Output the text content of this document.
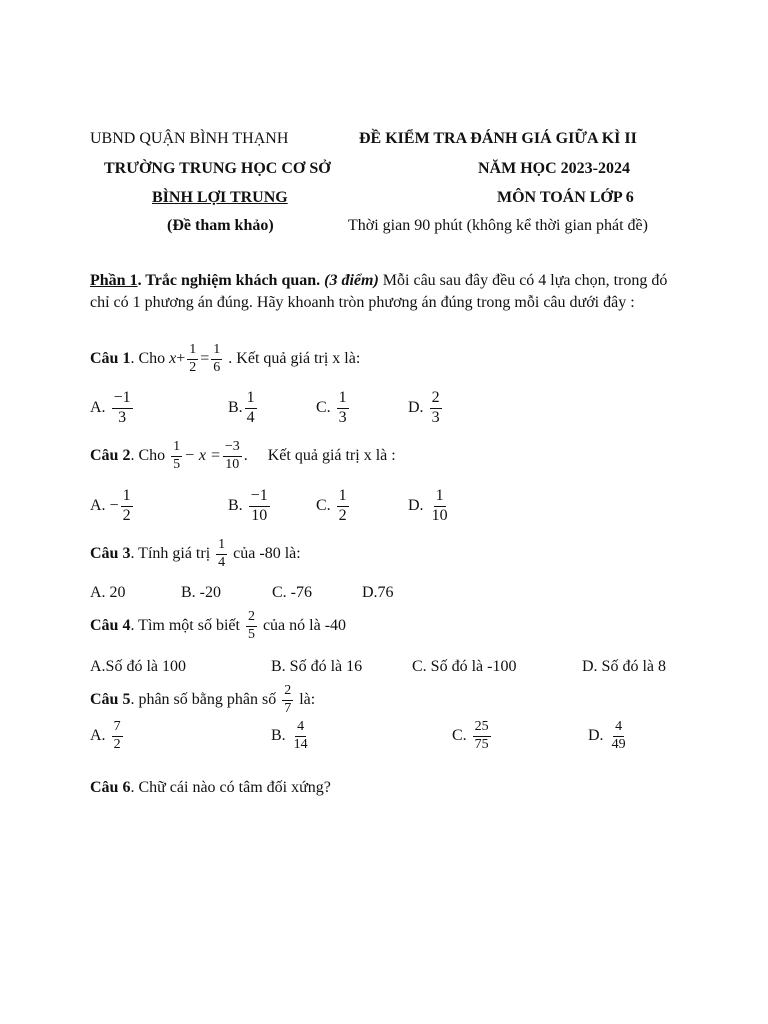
UBND QUẬN BÌNH THẠNH
TRƯỜNG TRUNG HỌC CƠ SỞ
BÌNH LỢI TRUNG
(Đề tham khảo)
ĐỀ KIỂM TRA ĐÁNH GIÁ GIỮA KÌ II
NĂM HỌC 2023-2024
MÔN TOÁN LỚP 6
Thời gian 90 phút (không kể thời gian phát đề)
Phần 1. Trắc nghiệm khách quan. (3 điểm) Mỗi câu sau đây đều có 4 lựa chọn, trong đó chỉ có 1 phương án đúng. Hãy khoanh tròn phương án đúng trong mỗi câu dưới đây :
Câu 1. Cho $x+ \frac{1}{2} = \frac{1}{6}$ . Kết quả giá trị x là:
A. $\frac{-1}{3}$	B. $\frac{1}{4}$	C. $\frac{1}{3}$	D. $\frac{2}{3}$
Câu 2. Cho $\frac{1}{5} - x = \frac{-3}{10}$ . Kết quả giá trị x là :
A. − $\frac{1}{2}$	B. $\frac{-1}{10}$	C. $\frac{1}{2}$	D. $\frac{1}{10}$
Câu 3. Tính giá trị $\frac{1}{4}$ của -80 là:
A. 20	B. -20	C. -76	D.76
Câu 4. Tìm một số biết $\frac{2}{5}$ của nó là -40
A.Số đó là 100	B. Số đó là 16	C. Số đó là -100	D. Số đó là 8
Câu 5. phân số bằng phân số $\frac{2}{7}$ là:
A. $\frac{7}{2}$	B. $\frac{4}{14}$	C. $\frac{25}{75}$	D. $\frac{4}{49}$
Câu 6. Chữ cái nào có tâm đối xứng?
